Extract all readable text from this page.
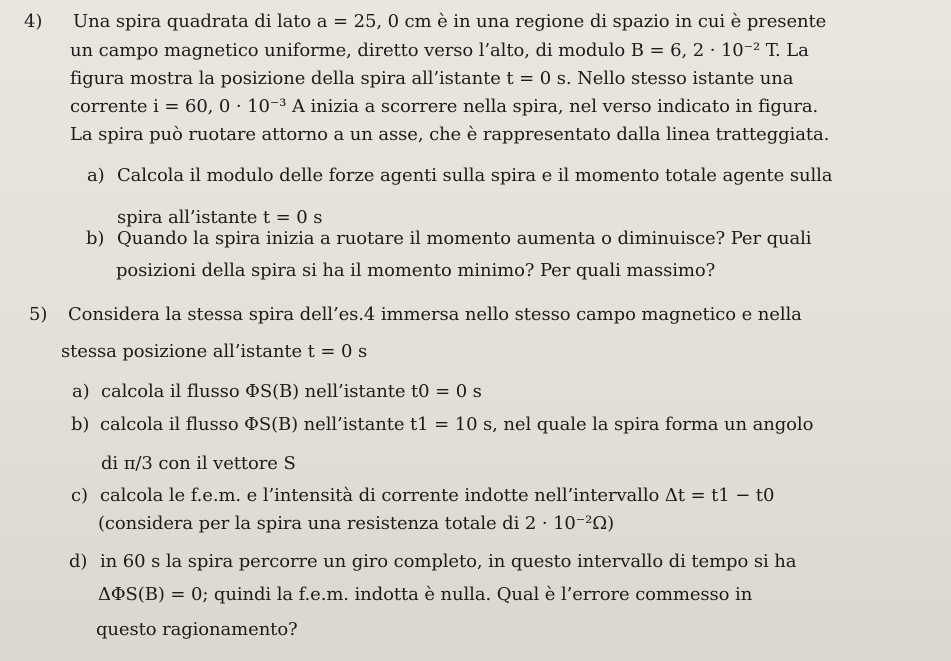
4) Una spira quadrata di lato a = 25, 0 cm è in una regione di spazio in cui è presente
un campo magnetico uniforme, diretto verso l’alto, di modulo B = 6, 2 · 10⁻² T. La
figura mostra la posizione della spira all’istante t = 0 s. Nello stesso istante una
corrente i = 60, 0 · 10⁻³ A inizia a scorrere nella spira, nel verso indicato in figura.
La spira può ruotare attorno a un asse, che è rappresentato dalla linea tratteggiata.
a) Calcola il modulo delle forze agenti sulla spira e il momento totale agente sulla
spira all’istante t = 0 s
b) Quando la spira inizia a ruotare il momento aumenta o diminuisce? Per quali
posizioni della spira si ha il momento minimo? Per quali massimo?
5) Considera la stessa spira dell’es.4 immersa nello stesso campo magnetico e nella
stessa posizione all’istante t = 0 s
a) calcola il flusso ΦS(B) nell’istante t0 = 0 s
b) calcola il flusso ΦS(B) nell’istante t1 = 10 s, nel quale la spira forma un angolo
di π/3 con il vettore S
c) calcola le f.e.m. e l’intensità di corrente indotte nell’intervallo Δt = t1 − t0
(considera per la spira una resistenza totale di 2 · 10⁻²Ω)
d) in 60 s la spira percorre un giro completo, in questo intervallo di tempo si ha
ΔΦS(B) = 0; quindi la f.e.m. indotta è nulla. Qual è l’errore commesso in
questo ragionamento?
